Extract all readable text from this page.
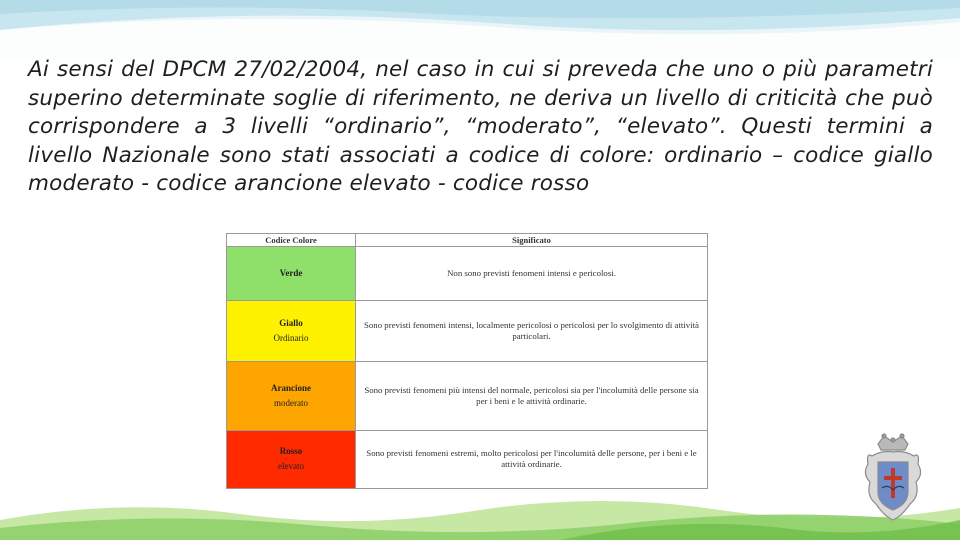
Ai sensi del DPCM 27/02/2004, nel caso in cui si preveda che uno o più parametri superino determinate soglie di riferimento, ne deriva un livello di criticità che può corrispondere a 3 livelli “ordinario”, “moderato”, “elevato”. Questi termini a livello Nazionale sono stati associati a codice di colore: ordinario – codice giallo moderato - codice arancione elevato - codice rosso

Codice Colore	Significato

Verde	Non sono previsti fenomeni intensi e pericolosi.

Giallo
Ordinario	Sono previsti fenomeni intensi, localmente pericolosi o pericolosi per lo svolgimento di attività particolari.

Arancione
moderato	Sono previsti fenomeni più intensi del normale, pericolosi sia per l'incolumità delle persone sia per i beni e le attività ordinarie.

Rosso
elevato	Sono previsti fenomeni estremi, molto pericolosi per l'incolumità delle persone, per i beni e le attività ordinarie.
